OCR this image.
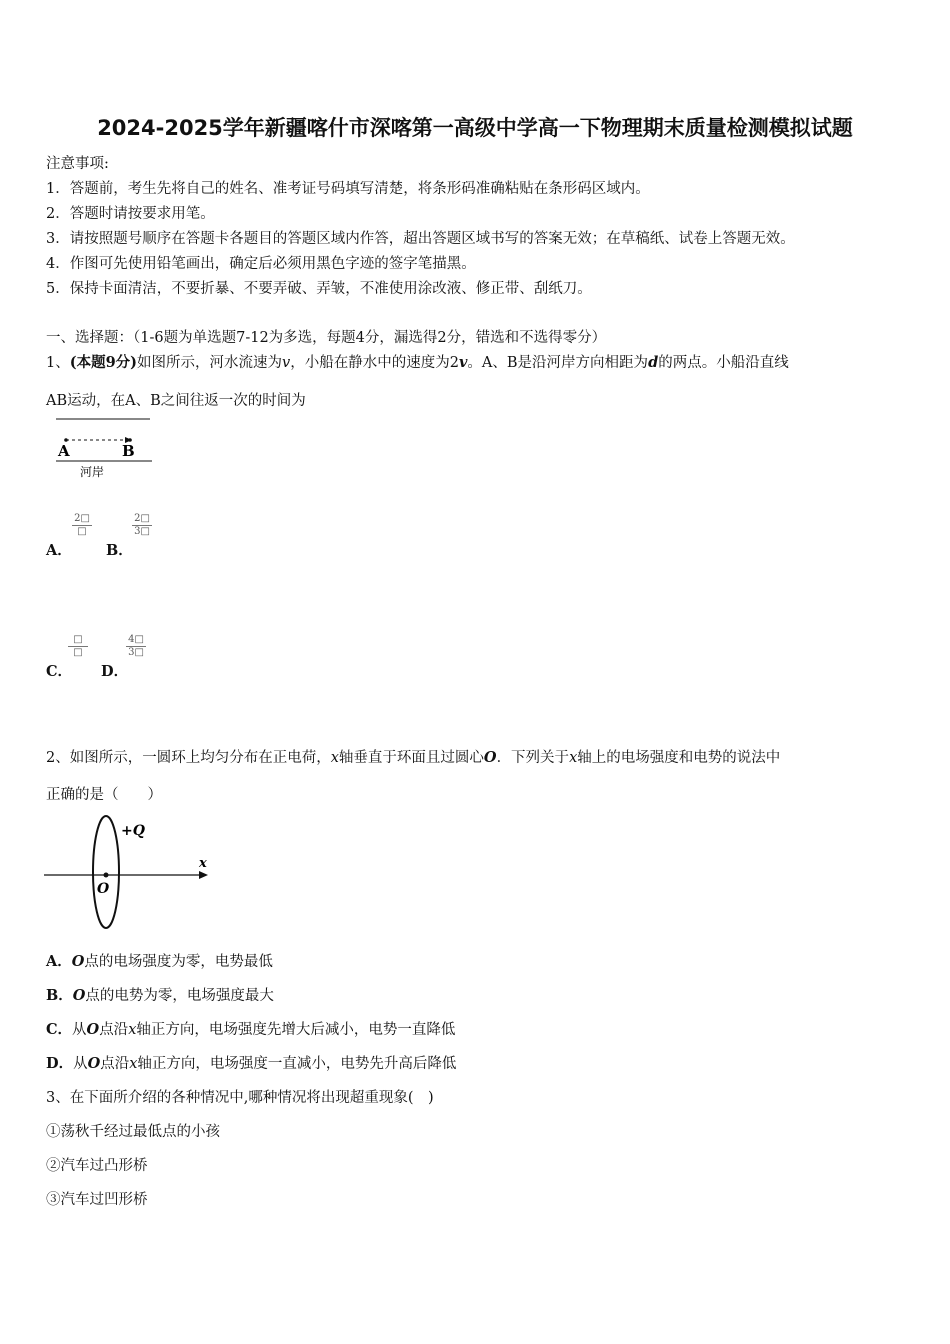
2024-2025学年新疆喀什市深喀第一高级中学高一下物理期末质量检测模拟试题
注意事项:
1．答题前，考生先将自己的姓名、准考证号码填写清楚，将条形码准确粘贴在条形码区域内。
2．答题时请按要求用笔。
3．请按照题号顺序在答题卡各题目的答题区域内作答，超出答题区域书写的答案无效；在草稿纸、试卷上答题无效。
4．作图可先使用铅笔画出，确定后必须用黑色字迹的签字笔描黑。
5．保持卡面清洁，不要折暴、不要弄破、弄皱，不准使用涂改液、修正带、刮纸刀。
一、选择题：（1-6题为单选题7-12为多选，每题4分，漏选得2分，错选和不选得零分）
1、(本题9分)如图所示，河水流速为v，小船在静水中的速度为2v。A、B是沿河岸方向相距为d的两点。小船沿直线
AB运动，在A、B之间往返一次的时间为
A	B
河岸
A．
2□
□
B．
$\frac{2□}{3□}$
C．
□
□
D．
$\frac{4□}{3□}$
2、如图所示，一圆环上均匀分布在正电荷，x轴垂直于环面且过圆心O．下列关于x轴上的电场强度和电势的说法中
正确的是（　　）
+Q
x
O
A．O点的电场强度为零，电势最低
B．O点的电势为零，电场强度最大
C．从O点沿x轴正方向，电场强度先增大后减小，电势一直降低
D．从O点沿x轴正方向，电场强度一直减小，电势先升高后降低
3、在下面所介绍的各种情况中,哪种情况将出现超重现象(　)
①荡秋千经过最低点的小孩
②汽车过凸形桥
③汽车过凹形桥
